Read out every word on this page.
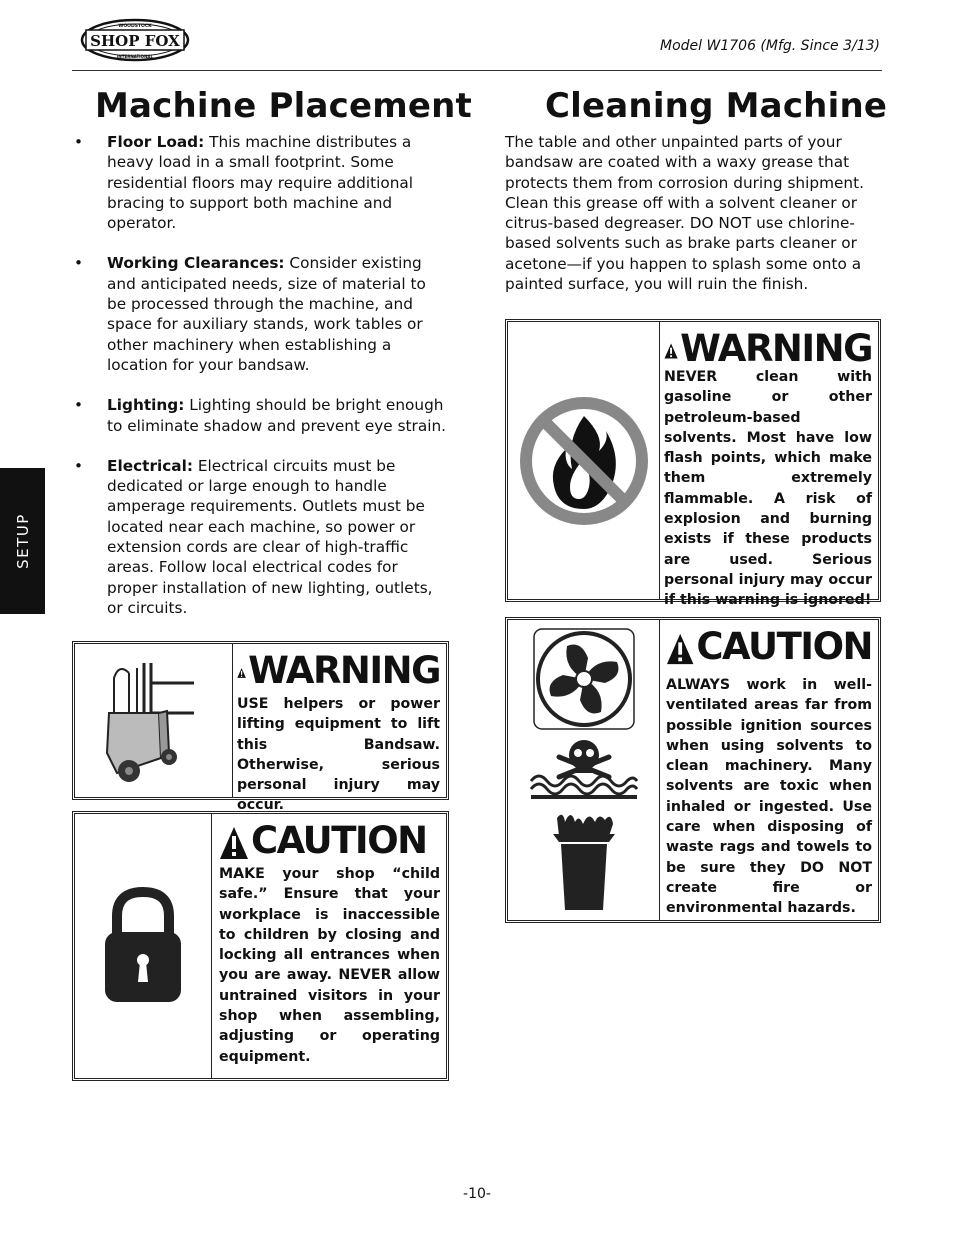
SHOP FOX
WOODSTOCK
INTERNATIONAL
Model W1706 (Mfg. Since 3/13)
SETUP
Machine Placement
• Floor Load: This machine distributes a heavy load in a small footprint. Some residential floors may require additional bracing to support both machine and operator.
• Working Clearances: Consider existing and anticipated needs, size of material to be processed through the machine, and space for auxiliary stands, work tables or other machinery when establishing a location for your bandsaw.
• Lighting: Lighting should be bright enough to eliminate shadow and prevent eye strain.
• Electrical: Electrical circuits must be dedicated or large enough to handle amperage requirements. Outlets must be located near each machine, so power or extension cords are clear of high-traffic areas. Follow local electrical codes for proper installation of new lighting, outlets, or circuits.
WARNING
USE helpers or power lifting equipment to lift this Bandsaw. Otherwise, serious personal injury may occur.
CAUTION
MAKE your shop “child safe.” Ensure that your workplace is inaccessible to children by closing and locking all entrances when you are away. NEVER allow untrained visitors in your shop when assembling, adjusting or operating equipment.
Cleaning Machine
The table and other unpainted parts of your bandsaw are coated with a waxy grease that protects them from corrosion during shipment. Clean this grease off with a solvent cleaner or citrus-based degreaser. DO NOT use chlorine-based solvents such as brake parts cleaner or acetone—if you happen to splash some onto a painted surface, you will ruin the finish.
WARNING
NEVER clean with gasoline or other petroleum-based solvents. Most have low flash points, which make them extremely flammable. A risk of explosion and burning exists if these products are used. Serious personal injury may occur if this warning is ignored!
CAUTION
ALWAYS work in well-ventilated areas far from possible ignition sources when using solvents to clean machinery. Many solvents are toxic when inhaled or ingested. Use care when disposing of waste rags and towels to be sure they DO NOT create fire or environmental hazards.
-10-
